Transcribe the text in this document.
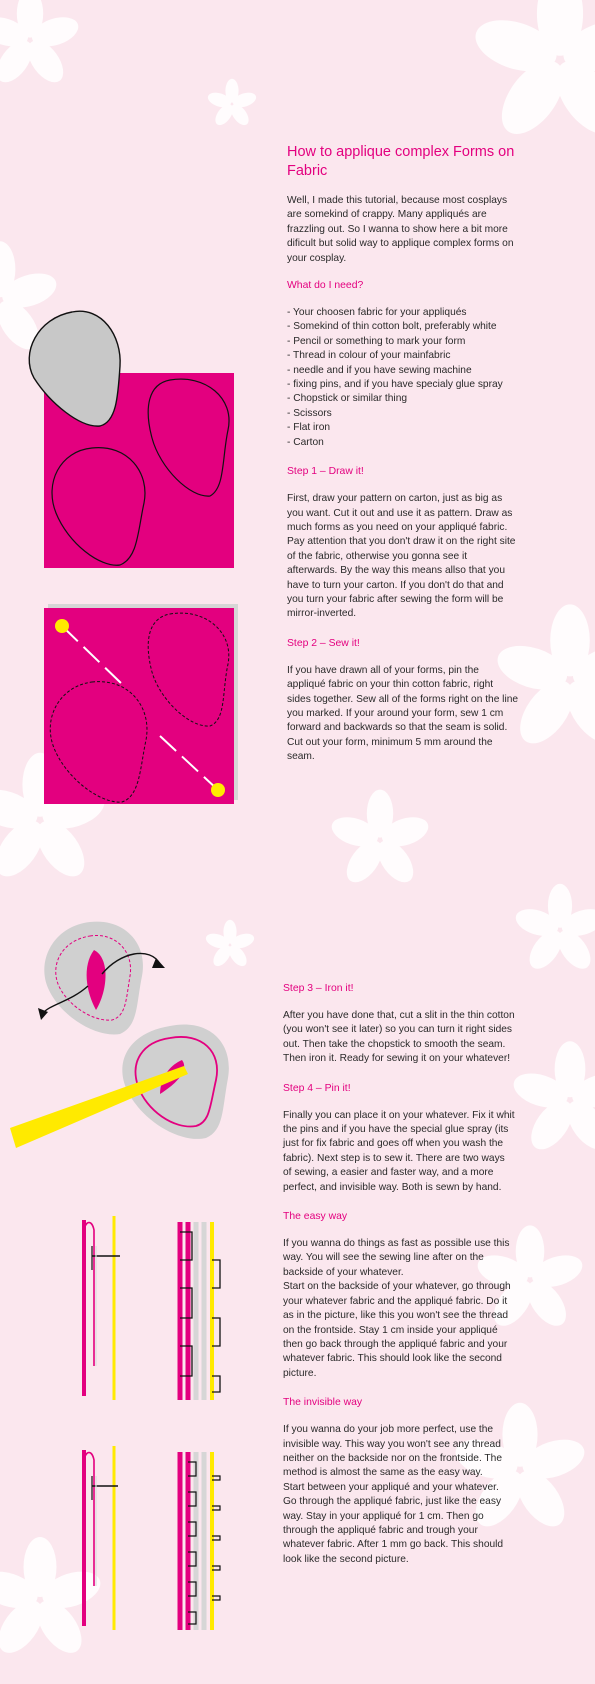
How to applique complex Forms on Fabric

Well, I made this tutorial, because most cosplays are somekind of crappy. Many appliqués are frazzling out. So I wanna to show here a bit more dificult but solid way to applique complex forms on your cosplay.

What do I need?

- Your choosen fabric for your appliqués
- Somekind of thin cotton bolt, preferably white
- Pencil or something to mark your form
- Thread in colour of your mainfabric
- needle and if you have sewing machine
- fixing pins, and if you have specialy glue spray
- Chopstick or similar thing
- Scissors
- Flat iron
- Carton

Step 1 – Draw it!

First, draw your pattern on carton, just as big as you want. Cut it out and use it as pattern. Draw as much forms as you need on your appliqué fabric. Pay attention that you don't draw it on the right site of the fabric, otherwise you gonna see it afterwards. By the way this means allso that you have to turn your carton. If you don't do that and you turn your fabric after sewing the form will be mirror-inverted.

Step 2 – Sew it!

If you have drawn all of your forms, pin the appliqué fabric on your thin cotton fabric, right sides together. Sew all of the forms right on the line you marked. If your around your form, sew 1 cm forward and backwards so that the seam is solid. Cut out your form, minimum 5 mm around the seam.

Step 3 – Iron it!

After you have done that, cut a slit in the thin cotton (you won't see it later) so you can turn it right sides out. Then take the chopstick to smooth the seam. Then iron it. Ready for sewing it on your whatever!

Step 4 – Pin it!

Finally you can place it on your whatever. Fix it whit the pins and if you have the special glue spray (its just for fix fabric and goes off when you wash the fabric). Next step is to sew it. There are two ways of sewing, a easier and faster way, and a more perfect, and invisible way. Both is sewn by hand.

The easy way

If you wanna do things as fast as possible use this way. You will see the sewing line after on the backside of your whatever.

Start on the backside of your whatever, go through your whatever fabric and the appliqué fabric. Do it as in the picture, like this you won't see the thread on the frontside. Stay 1 cm inside your appliqué then go back through the appliqué fabric and your whatever fabric. This should look like the second picture.

The invisible way

If you wanna do your job more perfect, use the invisible way. This way you won't see any thread neither on the backside nor on the frontside. The method is almost the same as the easy way.

Start between your appliqué and your whatever. Go through the appliqué fabric, just like the easy way. Stay in your appliqué for 1 cm. Then go through the appliqué fabric and trough your whatever fabric. After 1 mm go back. This should look like the second picture.
